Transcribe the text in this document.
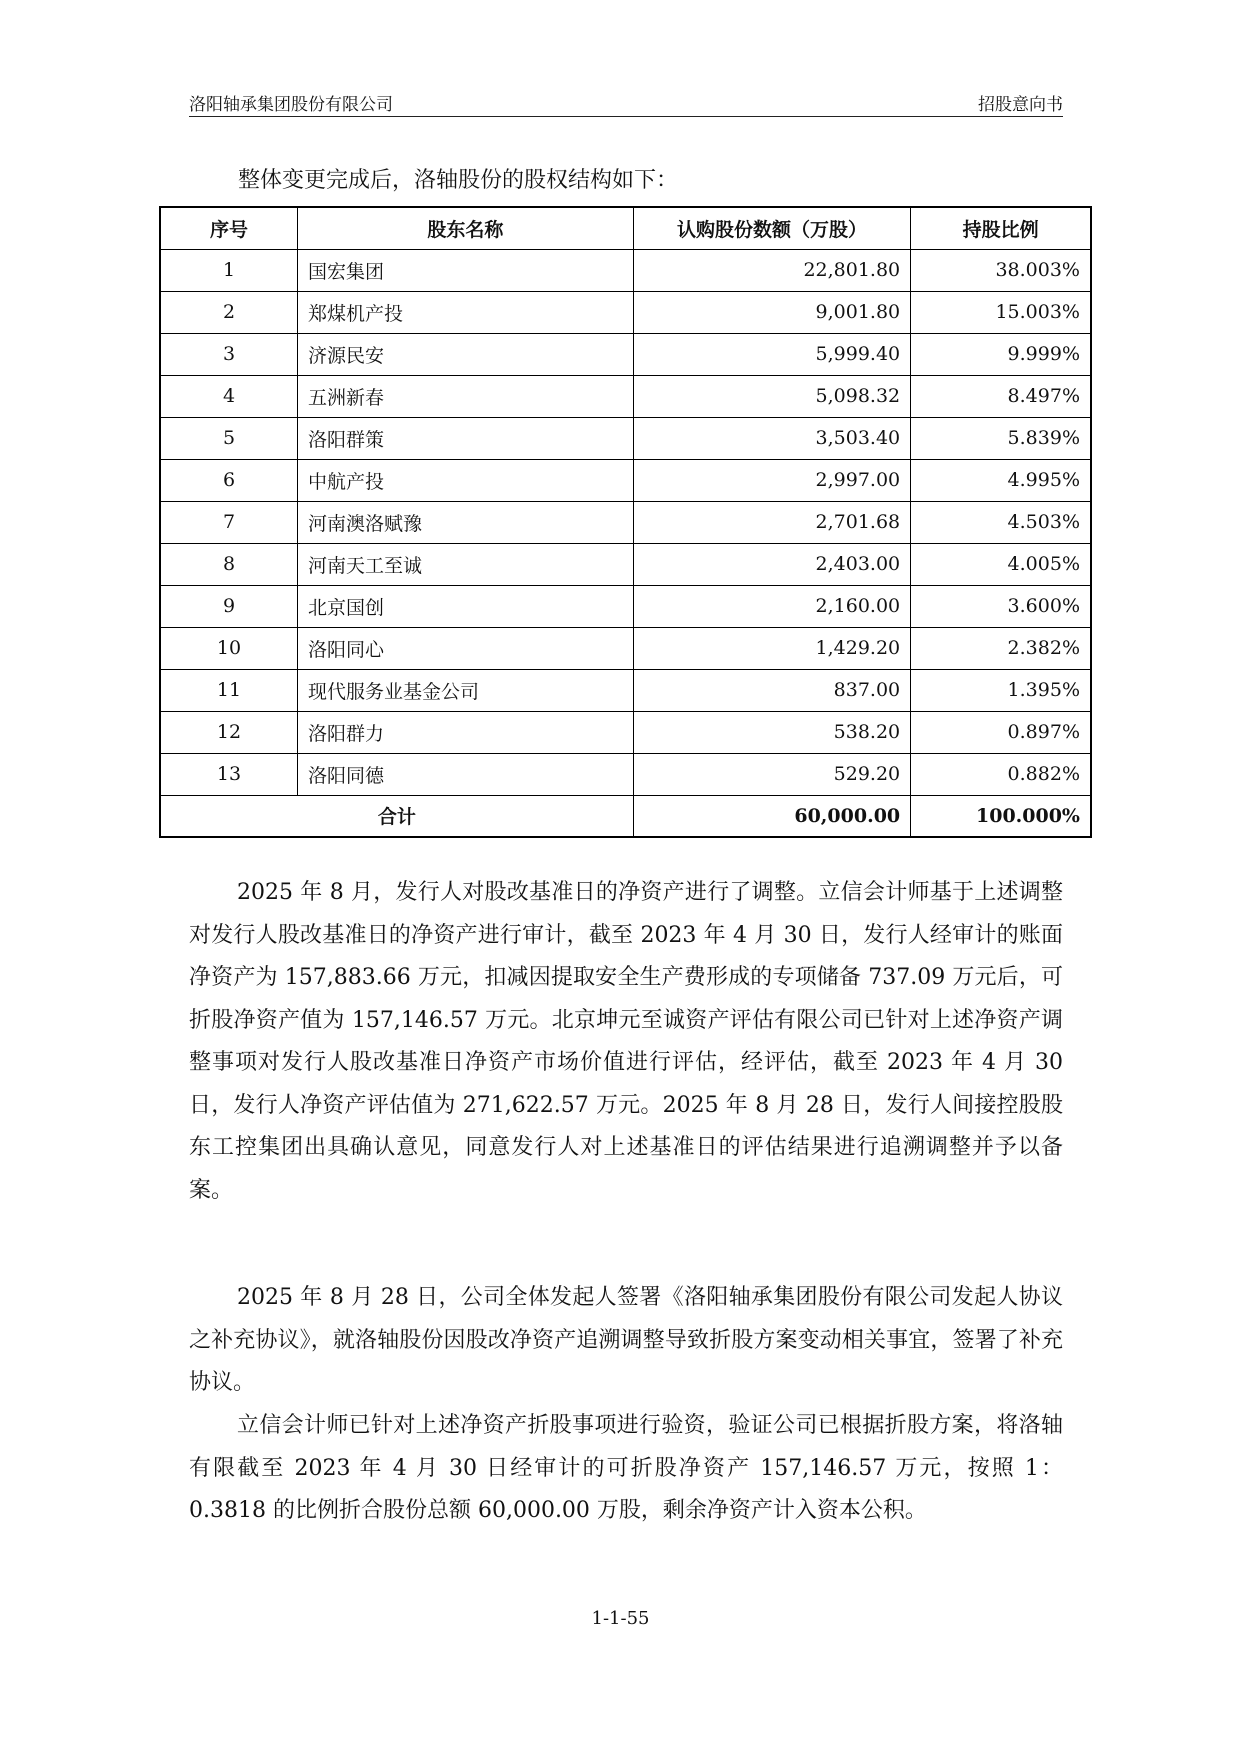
洛阳轴承集团股份有限公司	招股意向书
整体变更完成后，洛轴股份的股权结构如下：
序号	股东名称	认购股份数额（万股）	持股比例
1	国宏集团	22,801.80	38.003%
2	郑煤机产投	9,001.80	15.003%
3	济源民安	5,999.40	9.999%
4	五洲新春	5,098.32	8.497%
5	洛阳群策	3,503.40	5.839%
6	中航产投	2,997.00	4.995%
7	河南澳洛赋豫	2,701.68	4.503%
8	河南天工至诚	2,403.00	4.005%
9	北京国创	2,160.00	3.600%
10	洛阳同心	1,429.20	2.382%
11	现代服务业基金公司	837.00	1.395%
12	洛阳群力	538.20	0.897%
13	洛阳同德	529.20	0.882%
合计		60,000.00	100.000%

2025 年 8 月，发行人对股改基准日的净资产进行了调整。立信会计师基于上述调整对发行人股改基准日的净资产进行审计，截至 2023 年 4 月 30 日，发行人经审计的账面净资产为 157,883.66 万元，扣减因提取安全生产费形成的专项储备 737.09 万元后，可折股净资产值为 157,146.57 万元。北京坤元至诚资产评估有限公司已针对上述净资产调整事项对发行人股改基准日净资产市场价值进行评估，经评估，截至 2023 年 4 月 30 日，发行人净资产评估值为 271,622.57 万元。2025 年 8 月 28 日，发行人间接控股股东工控集团出具确认意见，同意发行人对上述基准日的评估结果进行追溯调整并予以备案。

2025 年 8 月 28 日，公司全体发起人签署《洛阳轴承集团股份有限公司发起人协议之补充协议》，就洛轴股份因股改净资产追溯调整导致折股方案变动相关事宜，签署了补充协议。

立信会计师已针对上述净资产折股事项进行验资，验证公司已根据折股方案，将洛轴有限截至 2023 年 4 月 30 日经审计的可折股净资产 157,146.57 万元，按照 1：0.3818 的比例折合股份总额 60,000.00 万股，剩余净资产计入资本公积。

1-1-55
